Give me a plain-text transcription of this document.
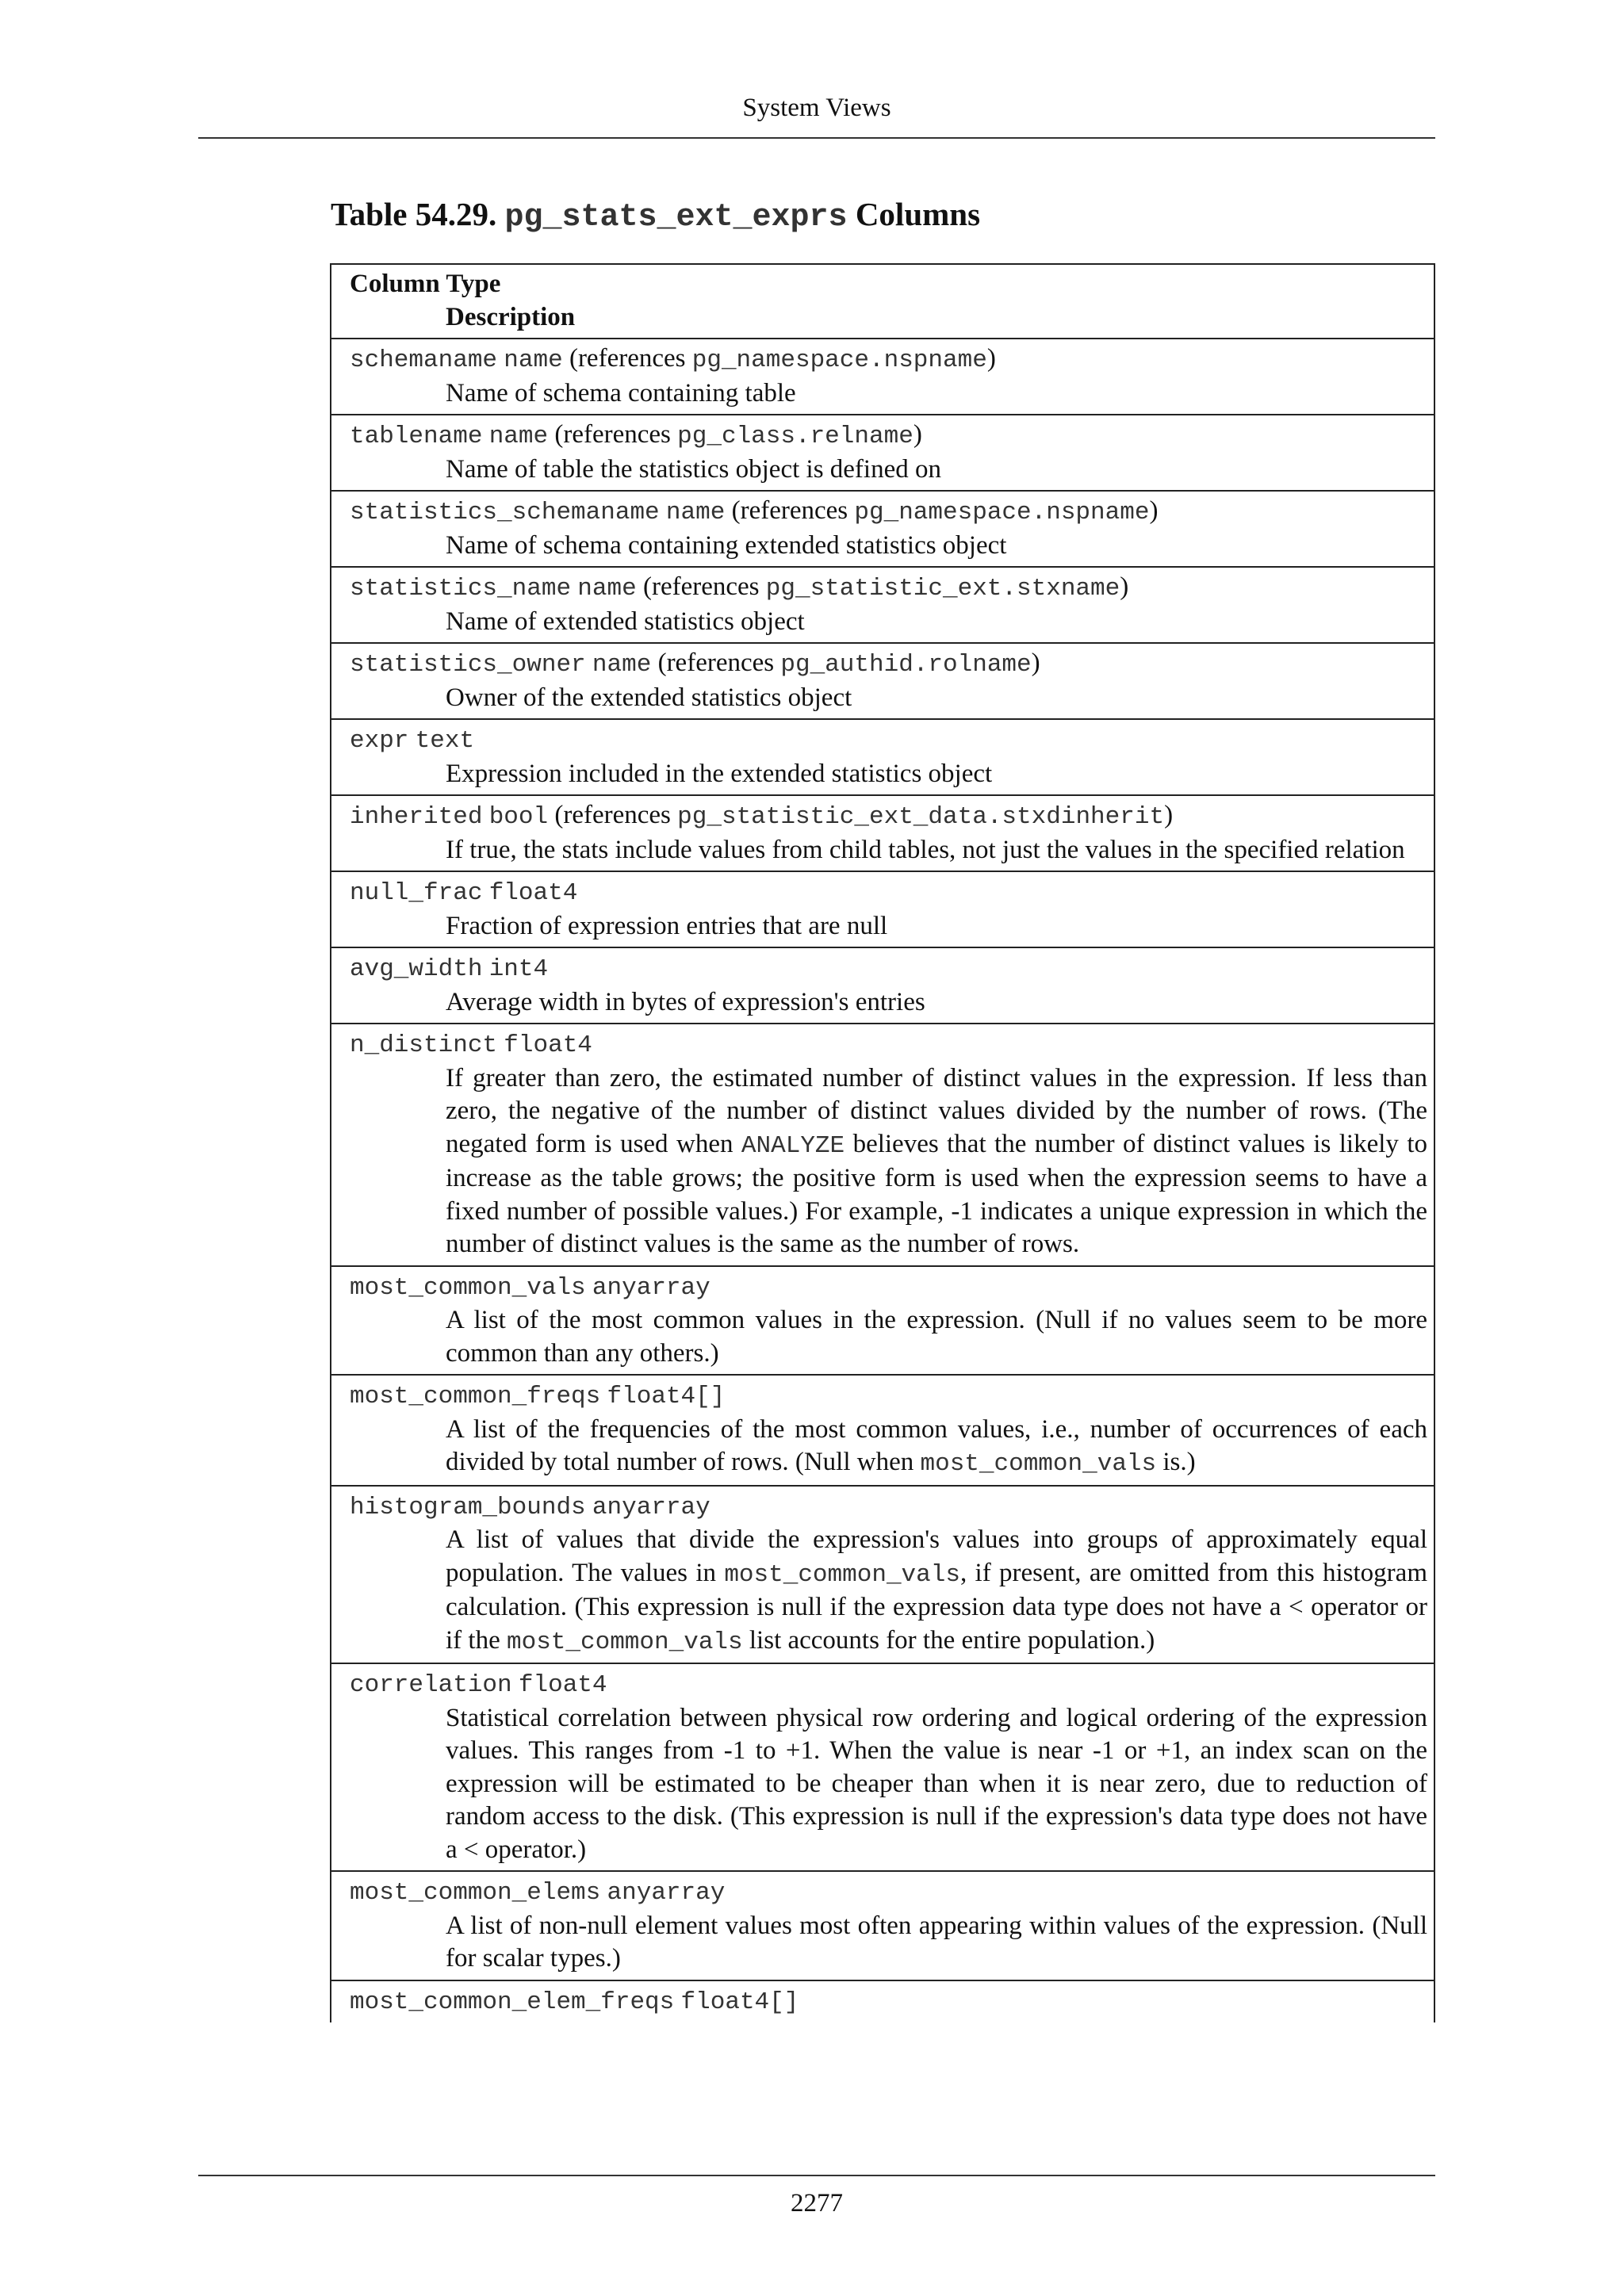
System Views
Table 54.29. pg_stats_ext_exprs Columns
Column Type
Description
schemaname name (references pg_namespace.nspname)
Name of schema containing table
tablename name (references pg_class.relname)
Name of table the statistics object is defined on
statistics_schemaname name (references pg_namespace.nspname)
Name of schema containing extended statistics object
statistics_name name (references pg_statistic_ext.stxname)
Name of extended statistics object
statistics_owner name (references pg_authid.rolname)
Owner of the extended statistics object
expr text
Expression included in the extended statistics object
inherited bool (references pg_statistic_ext_data.stxdinherit)
If true, the stats include values from child tables, not just the values in the specified relation
null_frac float4
Fraction of expression entries that are null
avg_width int4
Average width in bytes of expression's entries
n_distinct float4
If greater than zero, the estimated number of distinct values in the expression. If less than zero, the negative of the number of distinct values divided by the number of rows. (The negated form is used when ANALYZE believes that the number of distinct values is likely to increase as the table grows; the positive form is used when the expression seems to have a fixed number of possible values.) For example, -1 indicates a unique expression in which the number of distinct values is the same as the number of rows.
most_common_vals anyarray
A list of the most common values in the expression. (Null if no values seem to be more common than any others.)
most_common_freqs float4[]
A list of the frequencies of the most common values, i.e., number of occurrences of each divided by total number of rows. (Null when most_common_vals is.)
histogram_bounds anyarray
A list of values that divide the expression's values into groups of approximately equal population. The values in most_common_vals, if present, are omitted from this histogram calculation. (This expression is null if the expression data type does not have a < operator or if the most_common_vals list accounts for the entire population.)
correlation float4
Statistical correlation between physical row ordering and logical ordering of the expression values. This ranges from -1 to +1. When the value is near -1 or +1, an index scan on the expression will be estimated to be cheaper than when it is near zero, due to reduction of random access to the disk. (This expression is null if the expression's data type does not have a < operator.)
most_common_elems anyarray
A list of non-null element values most often appearing within values of the expression. (Null for scalar types.)
most_common_elem_freqs float4[]
2277
